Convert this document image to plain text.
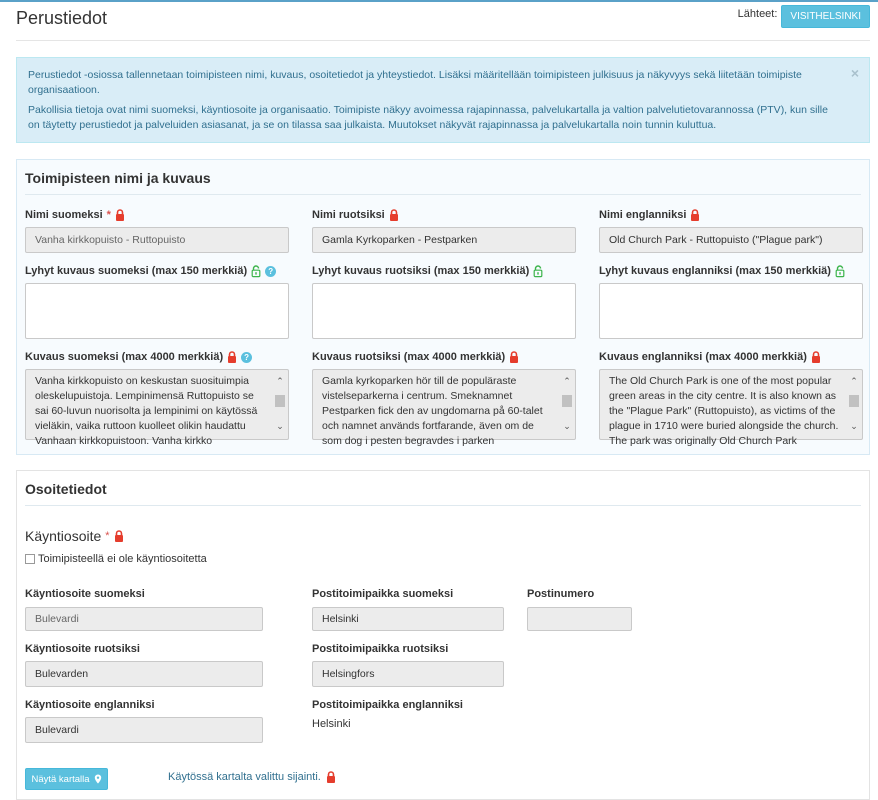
Perustiedot	Lähteet:	VISITHELSINKI
×

Perustiedot -osiossa tallennetaan toimipisteen nimi, kuvaus, osoitetiedot ja yhteystiedot. Lisäksi määritellään toimipisteen julkisuus ja näkyvyys sekä liitetään toimipiste organisaatioon.

Pakollisia tietoja ovat nimi suomeksi, käyntiosoite ja organisaatio. Toimipiste näkyy avoimessa rajapinnassa, palvelukartalla ja valtion palvelutietovarannossa (PTV), kun sille on täytetty perustiedot ja palveluiden asiasanat, ja se on tilassa saa julkaista. Muutokset näkyvät rajapinnassa ja palvelukartalla noin tunnin kuluttua.

Toimipisteen nimi ja kuvaus
Nimi suomeksi *
Vanha kirkkopuisto - Ruttopuisto
Nimi ruotsiksi
Gamla Kyrkoparken - Pestparken
Nimi englanniksi
Old Church Park - Ruttopuisto ("Plague park")
Lyhyt kuvaus suomeksi (max 150 merkkiä)	?	Lyhyt kuvaus ruotsiksi (max 150 merkkiä)	Lyhyt kuvaus englanniksi (max 150 merkkiä)
Kuvaus suomeksi (max 4000 merkkiä)	?
Vanha kirkkopuisto on keskustan suosituimpia oleskelupuistoja. Lempinimensä Ruttopuisto se sai 60-luvun nuorisolta ja lempinimi on käytössä vieläkin, vaika ruttoon kuolleet olikin haudattu Vanhaan kirkkopuistoon. Vanha kirkko
⌃
⌄
Kuvaus ruotsiksi (max 4000 merkkiä)
Gamla kyrkoparken hör till de populäraste vistelseparkerna i centrum. Smeknamnet Pestparken fick den av ungdomarna på 60-talet och namnet används fortfarande, även om de som dog i pesten begravdes i parken
⌃
⌄
Kuvaus englanniksi (max 4000 merkkiä)
The Old Church Park is one of the most popular green areas in the city centre. It is also known as the "Plague Park" (Ruttopuisto), as victims of the plague in 1710 were buried alongside the church. The park was originally Old Church Park
⌃
⌄
Osoitetiedot
Käyntiosoite *
Toimipisteellä ei ole käyntiosoitetta
Käyntiosoite suomeksi
Bulevardi
Käyntiosoite ruotsiksi
Bulevarden
Käyntiosoite englanniksi
Bulevardi
Postitoimipaikka suomeksi
Helsinki
Postitoimipaikka ruotsiksi
Helsingfors
Postitoimipaikka englanniksi
Helsinki
Postinumero
Näytä kartalla	Käytössä kartalta valittu sijainti.
